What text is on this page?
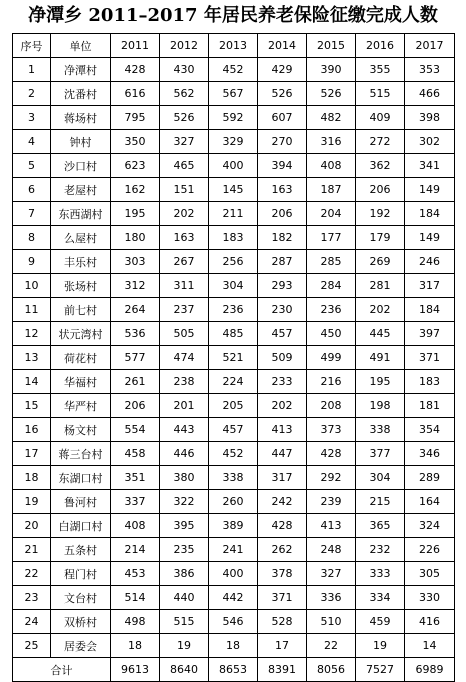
净潭乡 2011–2017 年居民养老保险征缴完成人数
序号	单位	2011	2012	2013	2014	2015	2016	2017
1	净潭村	428	430	452	429	390	355	353
2	沈番村	616	562	567	526	526	515	466
3	蒋场村	795	526	592	607	482	409	398
4	钟村	350	327	329	270	316	272	302
5	沙口村	623	465	400	394	408	362	341
6	老屋村	162	151	145	163	187	206	149
7	东西湖村	195	202	211	206	204	192	184
8	么屋村	180	163	183	182	177	179	149
9	丰乐村	303	267	256	287	285	269	246
10	张场村	312	311	304	293	284	281	317
11	前七村	264	237	236	230	236	202	184
12	状元湾村	536	505	485	457	450	445	397
13	荷花村	577	474	521	509	499	491	371
14	华福村	261	238	224	233	216	195	183
15	华严村	206	201	205	202	208	198	181
16	杨文村	554	443	457	413	373	338	354
17	蒋三台村	458	446	452	447	428	377	346
18	东湖口村	351	380	338	317	292	304	289
19	鲁河村	337	322	260	242	239	215	164
20	白湖口村	408	395	389	428	413	365	324
21	五条村	214	235	241	262	248	232	226
22	程门村	453	386	400	378	327	333	305
23	文台村	514	440	442	371	336	334	330
24	双桥村	498	515	546	528	510	459	416
25	居委会	18	19	18	17	22	19	14
合计		9613	8640	8653	8391	8056	7527	6989
